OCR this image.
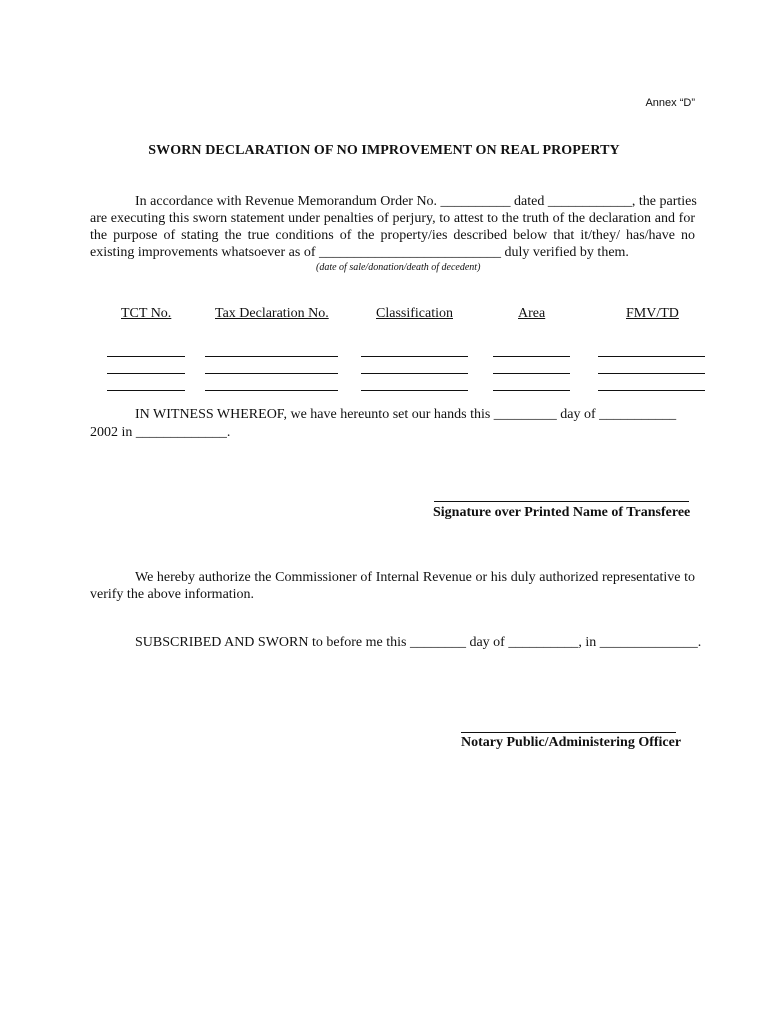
Annex “D”
SWORN DECLARATION OF NO IMPROVEMENT ON REAL PROPERTY
In accordance with Revenue Memorandum Order No. __________ dated ____________, the parties
are executing this sworn statement under penalties of perjury, to attest to the truth of the declaration and for
the purpose of stating the true conditions of the property/ies described below that it/they/ has/have no
existing improvements whatsoever as of __________________________ duly verified by them.
(date of sale/donation/death of decedent)
TCT No.	Tax Declaration No.	Classification	Area	FMV/TD
IN WITNESS WHEREOF, we have hereunto set our hands this _________ day of ___________
2002 in _____________.
Signature over Printed Name of Transferee
We hereby authorize the Commissioner of Internal Revenue or his duly authorized representative to
verify the above information.
SUBSCRIBED AND SWORN to before me this ________ day of __________, in ______________.
Notary Public/Administering Officer
